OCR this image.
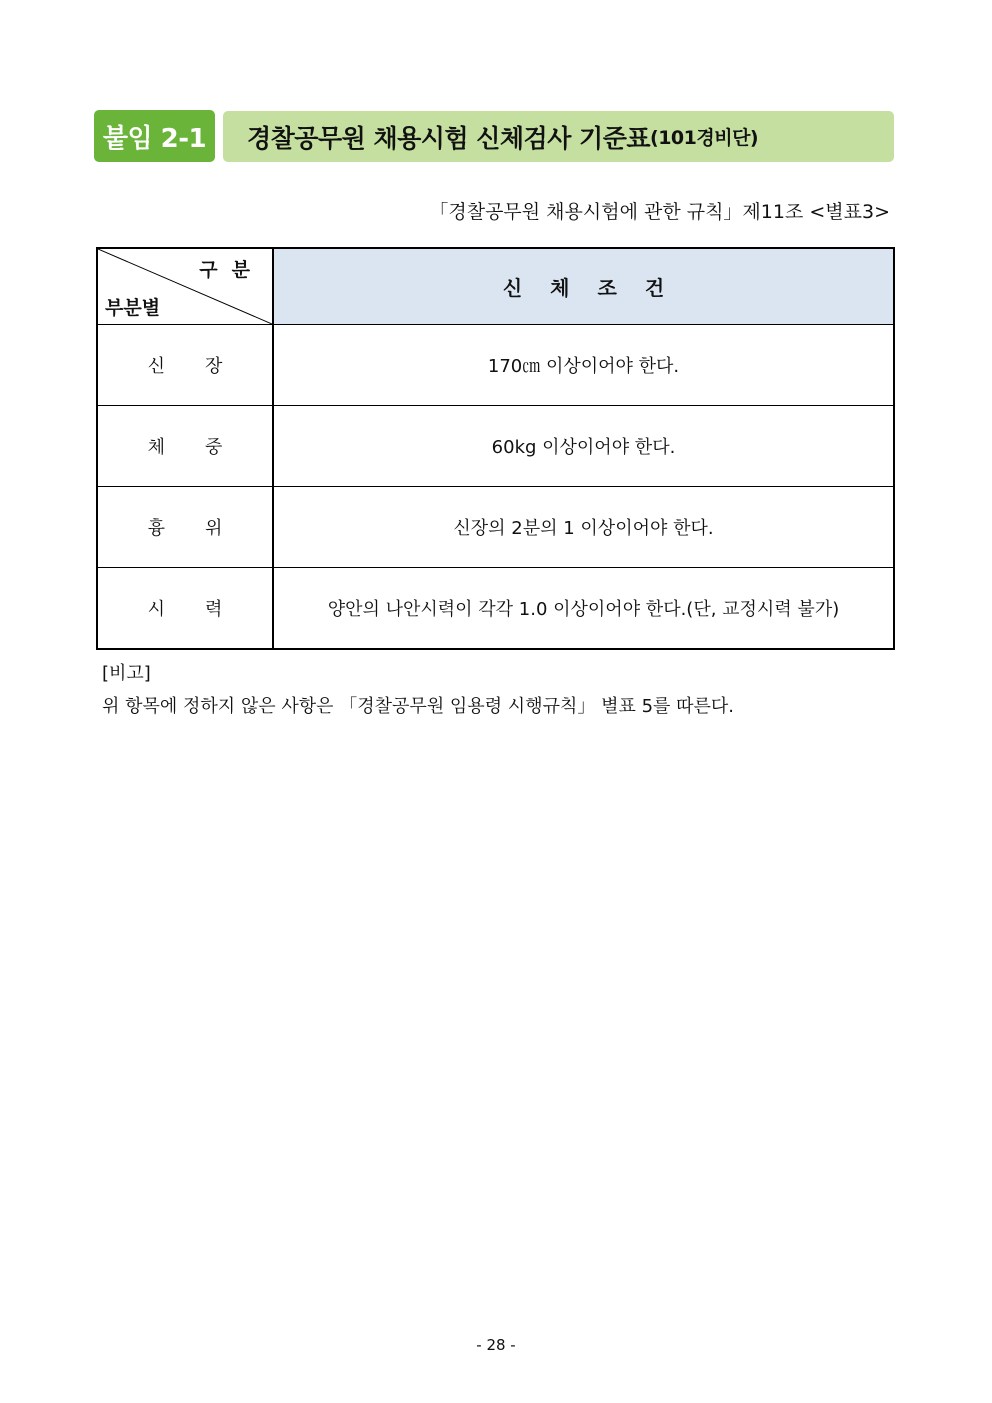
붙임 2-1	경찰공무원 채용시험 신체검사 기준표 (101경비단)
「경찰공무원 채용시험에 관한 규칙」제11조 <별표3>
구분
부분별	신체조건
신장	170㎝ 이상이어야 한다.
체중	60kg 이상이어야 한다.
흉위	신장의 2분의 1 이상이어야 한다.
시력	양안의 나안시력이 각각 1.0 이상이어야 한다.(단, 교정시력 불가)
[비고]
위 항목에 정하지 않은 사항은 「경찰공무원 임용령 시행규칙」 별표 5를 따른다.
- 28 -
